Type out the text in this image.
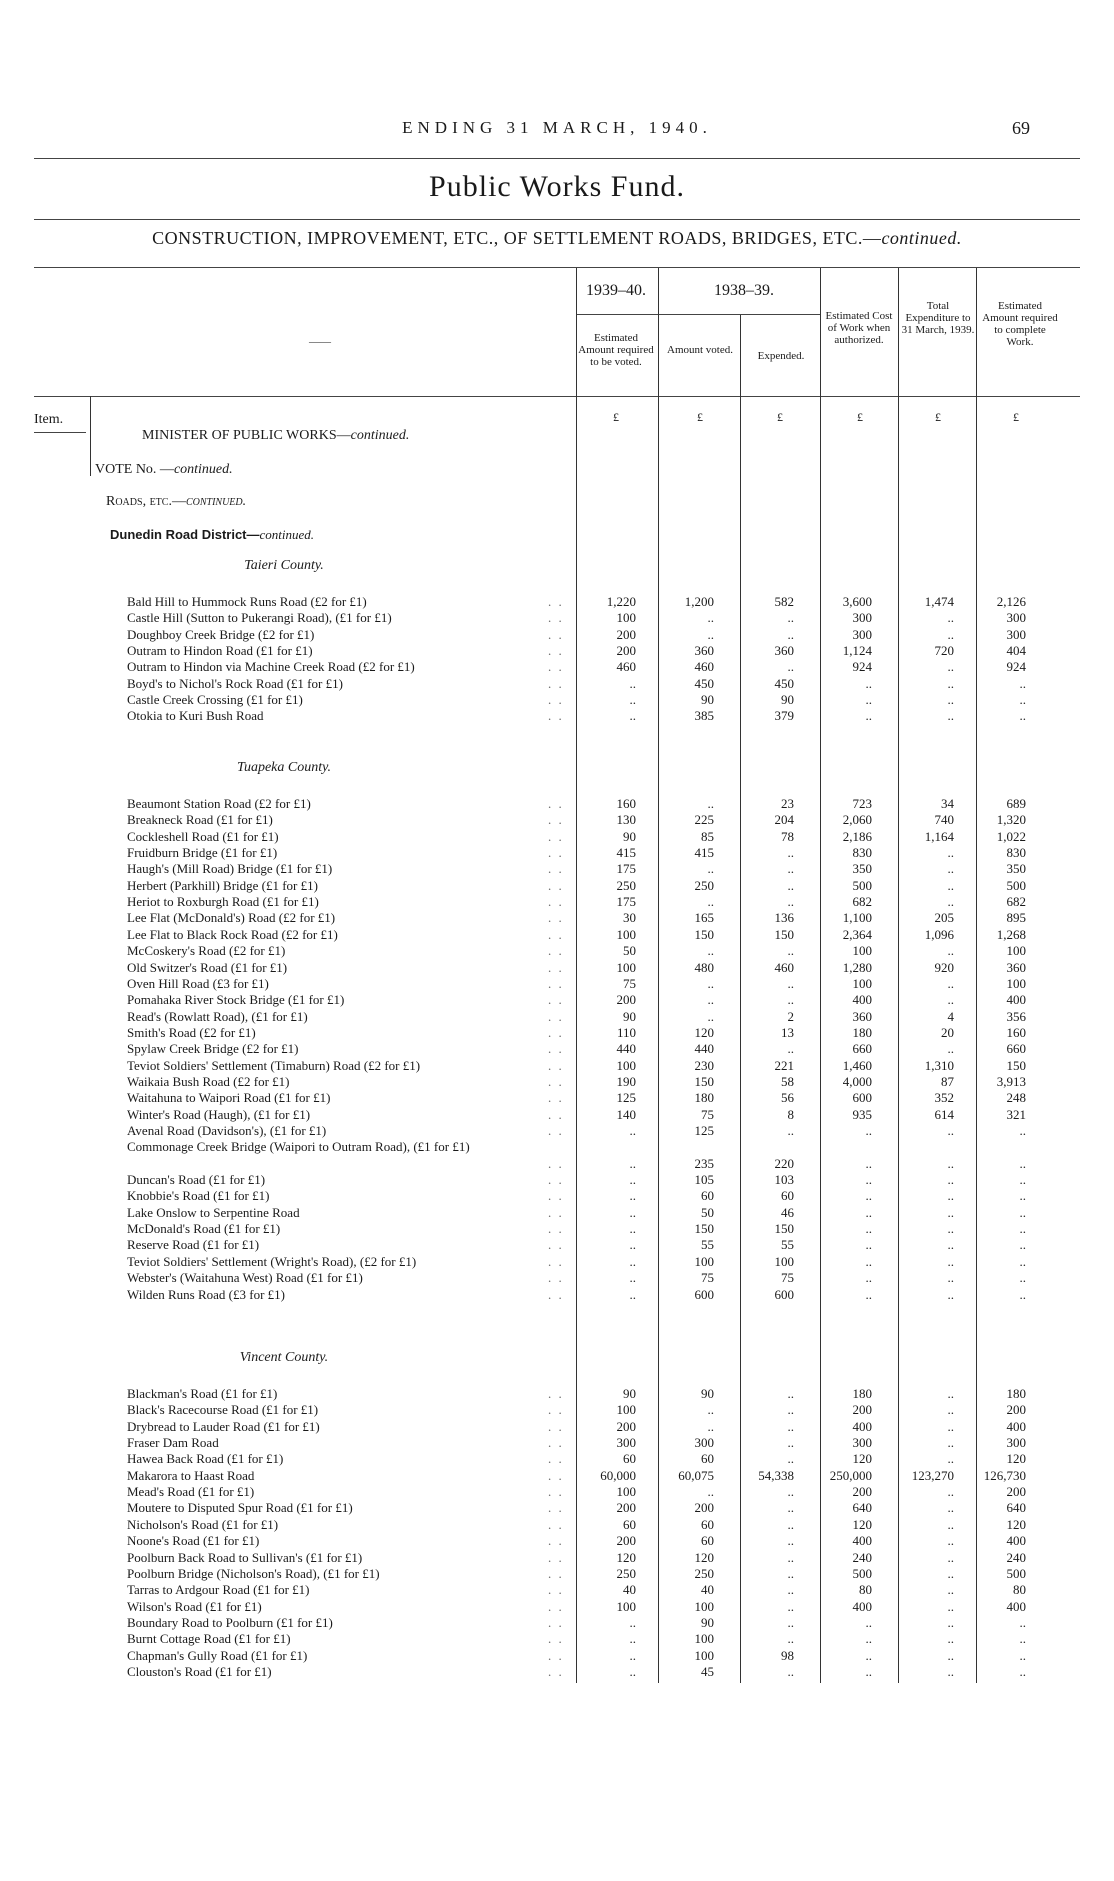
ENDING 31 MARCH, 1940.	69
Public Works Fund.
CONSTRUCTION, IMPROVEMENT, ETC., OF SETTLEMENT ROADS, BRIDGES, ETC.—continued.
1939–40.	1938–39.
Estimated Amount required to be voted.
Amount voted.	Expended.
Estimated Cost of Work when authorized.
Total Expenditure to 31 March, 1939.
Estimated Amount required to complete Work.
——
Item.	£	£	£	£	£	£
MINISTER OF PUBLIC WORKS—continued.
VOTE No. —continued.
Roads, etc.—continued.
Dunedin Road District—continued.
Taieri County.
Bald Hill to Hummock Runs Road (£2 for £1)	. .	1,220	1,200	582	3,600	1,474	2,126
Castle Hill (Sutton to Pukerangi Road), (£1 for £1)	. .	100	..	..	300	..	300
Doughboy Creek Bridge (£2 for £1)	. .	200	..	..	300	..	300
Outram to Hindon Road (£1 for £1)	. .	200	360	360	1,124	720	404
Outram to Hindon via Machine Creek Road (£2 for £1)	. .	460	460	..	924	..	924
Boyd's to Nichol's Rock Road (£1 for £1)	. .	..	450	450	..	..	..
Castle Creek Crossing (£1 for £1)	. .	..	90	90	..	..	..
Otokia to Kuri Bush Road	. .	..	385	379	..	..	..
Tuapeka County.
Beaumont Station Road (£2 for £1)	. .	160	..	23	723	34	689
Breakneck Road (£1 for £1)	. .	130	225	204	2,060	740	1,320
Cockleshell Road (£1 for £1)	. .	90	85	78	2,186	1,164	1,022
Fruidburn Bridge (£1 for £1)	. .	415	415	..	830	..	830
Haugh's (Mill Road) Bridge (£1 for £1)	. .	175	..	..	350	..	350
Herbert (Parkhill) Bridge (£1 for £1)	. .	250	250	..	500	..	500
Heriot to Roxburgh Road (£1 for £1)	. .	175	..	..	682	..	682
Lee Flat (McDonald's) Road (£2 for £1)	. .	30	165	136	1,100	205	895
Lee Flat to Black Rock Road (£2 for £1)	. .	100	150	150	2,364	1,096	1,268
McCoskery's Road (£2 for £1)	. .	50	..	..	100	..	100
Old Switzer's Road (£1 for £1)	. .	100	480	460	1,280	920	360
Oven Hill Road (£3 for £1)	. .	75	..	..	100	..	100
Pomahaka River Stock Bridge (£1 for £1)	. .	200	..	..	400	..	400
Read's (Rowlatt Road), (£1 for £1)	. .	90	..	2	360	4	356
Smith's Road (£2 for £1)	. .	110	120	13	180	20	160
Spylaw Creek Bridge (£2 for £1)	. .	440	440	..	660	..	660
Teviot Soldiers' Settlement (Timaburn) Road (£2 for £1)	. .	100	230	221	1,460	1,310	150
Waikaia Bush Road (£2 for £1)	. .	190	150	58	4,000	87	3,913
Waitahuna to Waipori Road (£1 for £1)	. .	125	180	56	600	352	248
Winter's Road (Haugh), (£1 for £1)	. .	140	75	8	935	614	321
Avenal Road (Davidson's), (£1 for £1)	. .	..	125	..	..	..	..
Commonage Creek Bridge (Waipori to Outram Road), (£1 for £1)
. .	..	235	220	..	..	..
Duncan's Road (£1 for £1)	. .	..	105	103	..	..	..
Knobbie's Road (£1 for £1)	. .	..	60	60	..	..	..
Lake Onslow to Serpentine Road	. .	..	50	46	..	..	..
McDonald's Road (£1 for £1)	. .	..	150	150	..	..	..
Reserve Road (£1 for £1)	. .	..	55	55	..	..	..
Teviot Soldiers' Settlement (Wright's Road), (£2 for £1)	. .	..	100	100	..	..	..
Webster's (Waitahuna West) Road (£1 for £1)	. .	..	75	75	..	..	..
Wilden Runs Road (£3 for £1)	. .	..	600	600	..	..	..
Vincent County.
Blackman's Road (£1 for £1)	. .	90	90	..	180	..	180
Black's Racecourse Road (£1 for £1)	. .	100	..	..	200	..	200
Drybread to Lauder Road (£1 for £1)	. .	200	..	..	400	..	400
Fraser Dam Road	. .	300	300	..	300	..	300
Hawea Back Road (£1 for £1)	. .	60	60	..	120	..	120
Makarora to Haast Road	. .	60,000	60,075	54,338	250,000	123,270 126,730
Mead's Road (£1 for £1)	. .	100	..	..	200	..	200
Moutere to Disputed Spur Road (£1 for £1)	. .	200	200	..	640	..	640
Nicholson's Road (£1 for £1)	. .	60	60	..	120	..	120
Noone's Road (£1 for £1)	. .	200	60	..	400	..	400
Poolburn Back Road to Sullivan's (£1 for £1)	. .	120	120	..	240	..	240
Poolburn Bridge (Nicholson's Road), (£1 for £1)	. .	250	250	..	500	..	500
Tarras to Ardgour Road (£1 for £1)	. .	40	40	..	80	..	80
Wilson's Road (£1 for £1)	. .	100	100	..	400	..	400
Boundary Road to Poolburn (£1 for £1)	. .	..	90	..	..	..	..
Burnt Cottage Road (£1 for £1)	. .	..	100	..	..	..	..
Chapman's Gully Road (£1 for £1)	. .	..	100	98	..	..	..
Clouston's Road (£1 for £1)	. .	..	45	..	..	..	..
